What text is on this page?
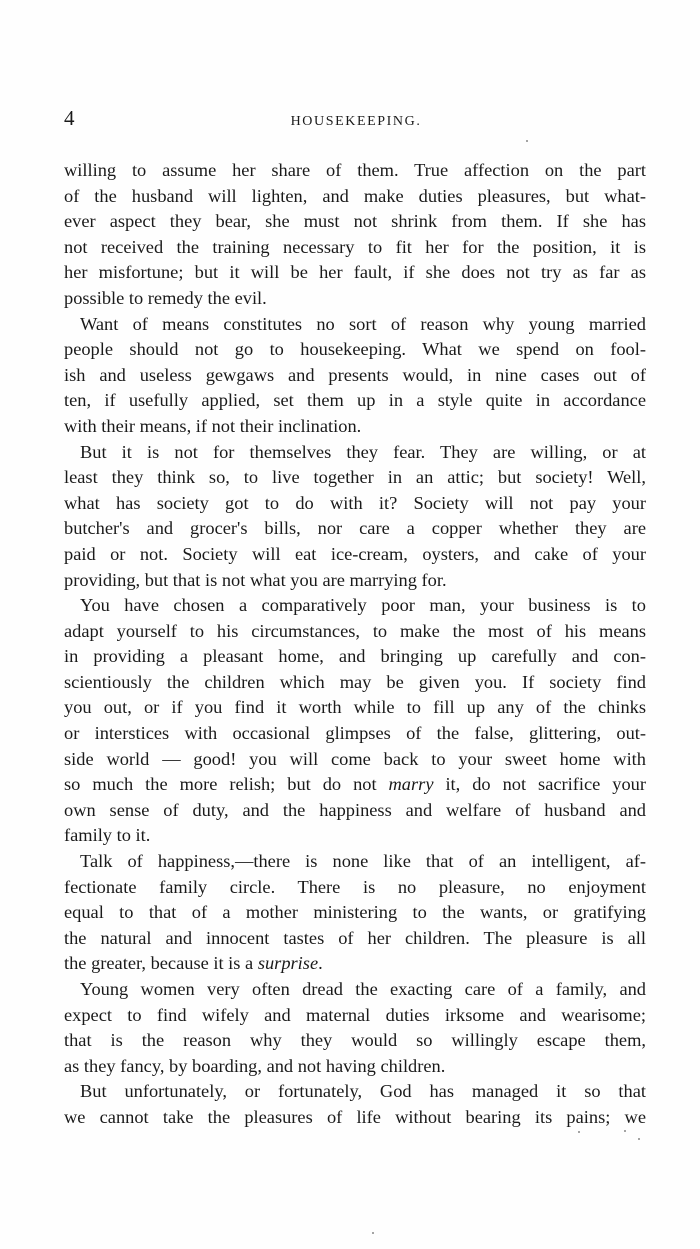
4	HOUSEKEEPING.

willing to assume her share of them. True affection on the part
of the husband will lighten, and make duties pleasures, but what-
ever aspect they bear, she must not shrink from them. If she has
not received the training necessary to fit her for the position, it is
her misfortune; but it will be her fault, if she does not try as far as
possible to remedy the evil.

Want of means constitutes no sort of reason why young married
people should not go to housekeeping. What we spend on fool-
ish and useless gewgaws and presents would, in nine cases out of
ten, if usefully applied, set them up in a style quite in accordance
with their means, if not their inclination.

But it is not for themselves they fear. They are willing, or at
least they think so, to live together in an attic; but society! Well,
what has society got to do with it? Society will not pay your
butcher's and grocer's bills, nor care a copper whether they are
paid or not. Society will eat ice-cream, oysters, and cake of your
providing, but that is not what you are marrying for.

You have chosen a comparatively poor man, your business is to
adapt yourself to his circumstances, to make the most of his means
in providing a pleasant home, and bringing up carefully and con-
scientiously the children which may be given you. If society find
you out, or if you find it worth while to fill up any of the chinks
or interstices with occasional glimpses of the false, glittering, out-
side world — good! you will come back to your sweet home with
so much the more relish; but do not marry it, do not sacrifice your
own sense of duty, and the happiness and welfare of husband and
family to it.

Talk of happiness,—there is none like that of an intelligent, af-
fectionate family circle. There is no pleasure, no enjoyment
equal to that of a mother ministering to the wants, or gratifying
the natural and innocent tastes of her children. The pleasure is all
the greater, because it is a surprise.

Young women very often dread the exacting care of a family, and
expect to find wifely and maternal duties irksome and wearisome;
that is the reason why they would so willingly escape them,
as they fancy, by boarding, and not having children.

But unfortunately, or fortunately, God has managed it so that
we cannot take the pleasures of life without bearing its pains; we
